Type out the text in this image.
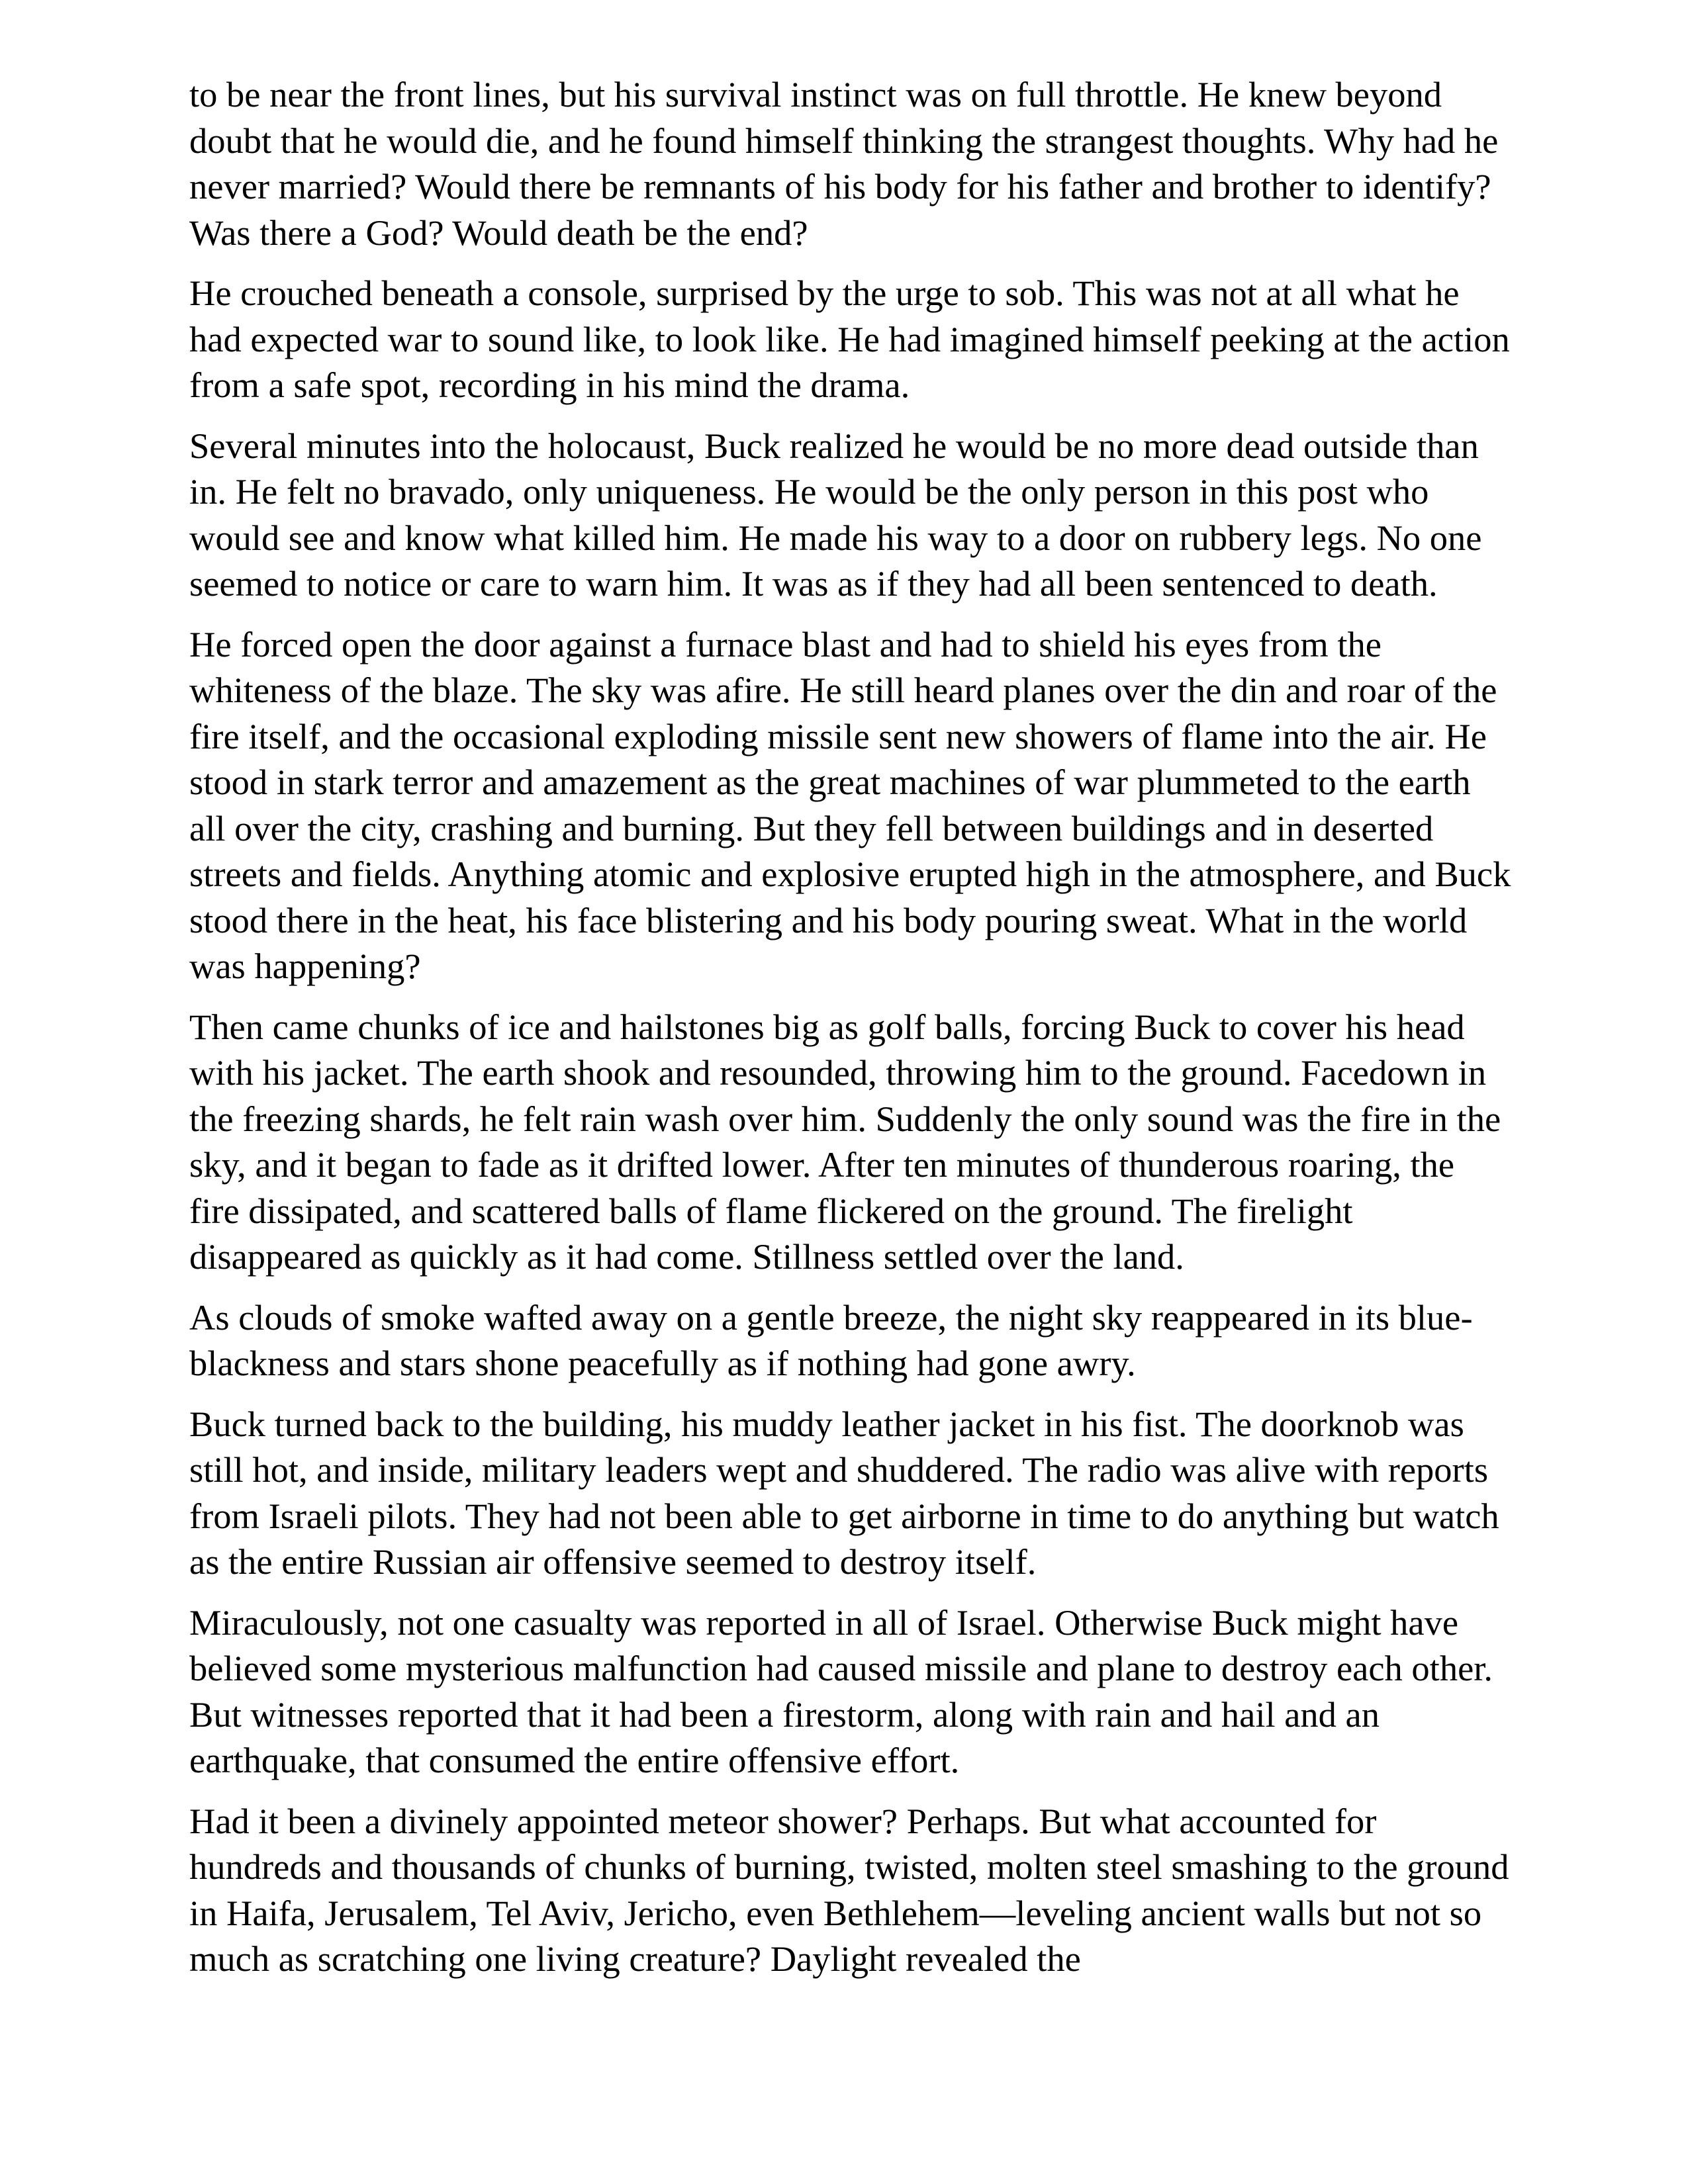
to be near the front lines, but his survival instinct was on full throttle. He knew beyond doubt that he would die, and he found himself thinking the strangest thoughts. Why had he never married? Would there be remnants of his body for his father and brother to identify? Was there a God? Would death be the end?

He crouched beneath a console, surprised by the urge to sob. This was not at all what he had expected war to sound like, to look like. He had imagined himself peeking at the action from a safe spot, recording in his mind the drama.

Several minutes into the holocaust, Buck realized he would be no more dead outside than in. He felt no bravado, only uniqueness. He would be the only person in this post who would see and know what killed him. He made his way to a door on rubbery legs. No one seemed to notice or care to warn him. It was as if they had all been sentenced to death.

He forced open the door against a furnace blast and had to shield his eyes from the whiteness of the blaze. The sky was afire. He still heard planes over the din and roar of the fire itself, and the occasional exploding missile sent new showers of flame into the air. He stood in stark terror and amazement as the great machines of war plummeted to the earth all over the city, crashing and burning. But they fell between buildings and in deserted streets and fields. Anything atomic and explosive erupted high in the atmosphere, and Buck stood there in the heat, his face blistering and his body pouring sweat. What in the world was happening?

Then came chunks of ice and hailstones big as golf balls, forcing Buck to cover his head with his jacket. The earth shook and resounded, throwing him to the ground. Facedown in the freezing shards, he felt rain wash over him. Suddenly the only sound was the fire in the sky, and it began to fade as it drifted lower. After ten minutes of thunderous roaring, the fire dissipated, and scattered balls of flame flickered on the ground. The firelight disappeared as quickly as it had come. Stillness settled over the land.

As clouds of smoke wafted away on a gentle breeze, the night sky reappeared in its blue-blackness and stars shone peacefully as if nothing had gone awry.

Buck turned back to the building, his muddy leather jacket in his fist. The doorknob was still hot, and inside, military leaders wept and shuddered. The radio was alive with reports from Israeli pilots. They had not been able to get airborne in time to do anything but watch as the entire Russian air offensive seemed to destroy itself.

Miraculously, not one casualty was reported in all of Israel. Otherwise Buck might have believed some mysterious malfunction had caused missile and plane to destroy each other. But witnesses reported that it had been a firestorm, along with rain and hail and an earthquake, that consumed the entire offensive effort.

Had it been a divinely appointed meteor shower? Perhaps. But what accounted for hundreds and thousands of chunks of burning, twisted, molten steel smashing to the ground in Haifa, Jerusalem, Tel Aviv, Jericho, even Bethlehem—leveling ancient walls but not so much as scratching one living creature? Daylight revealed the
